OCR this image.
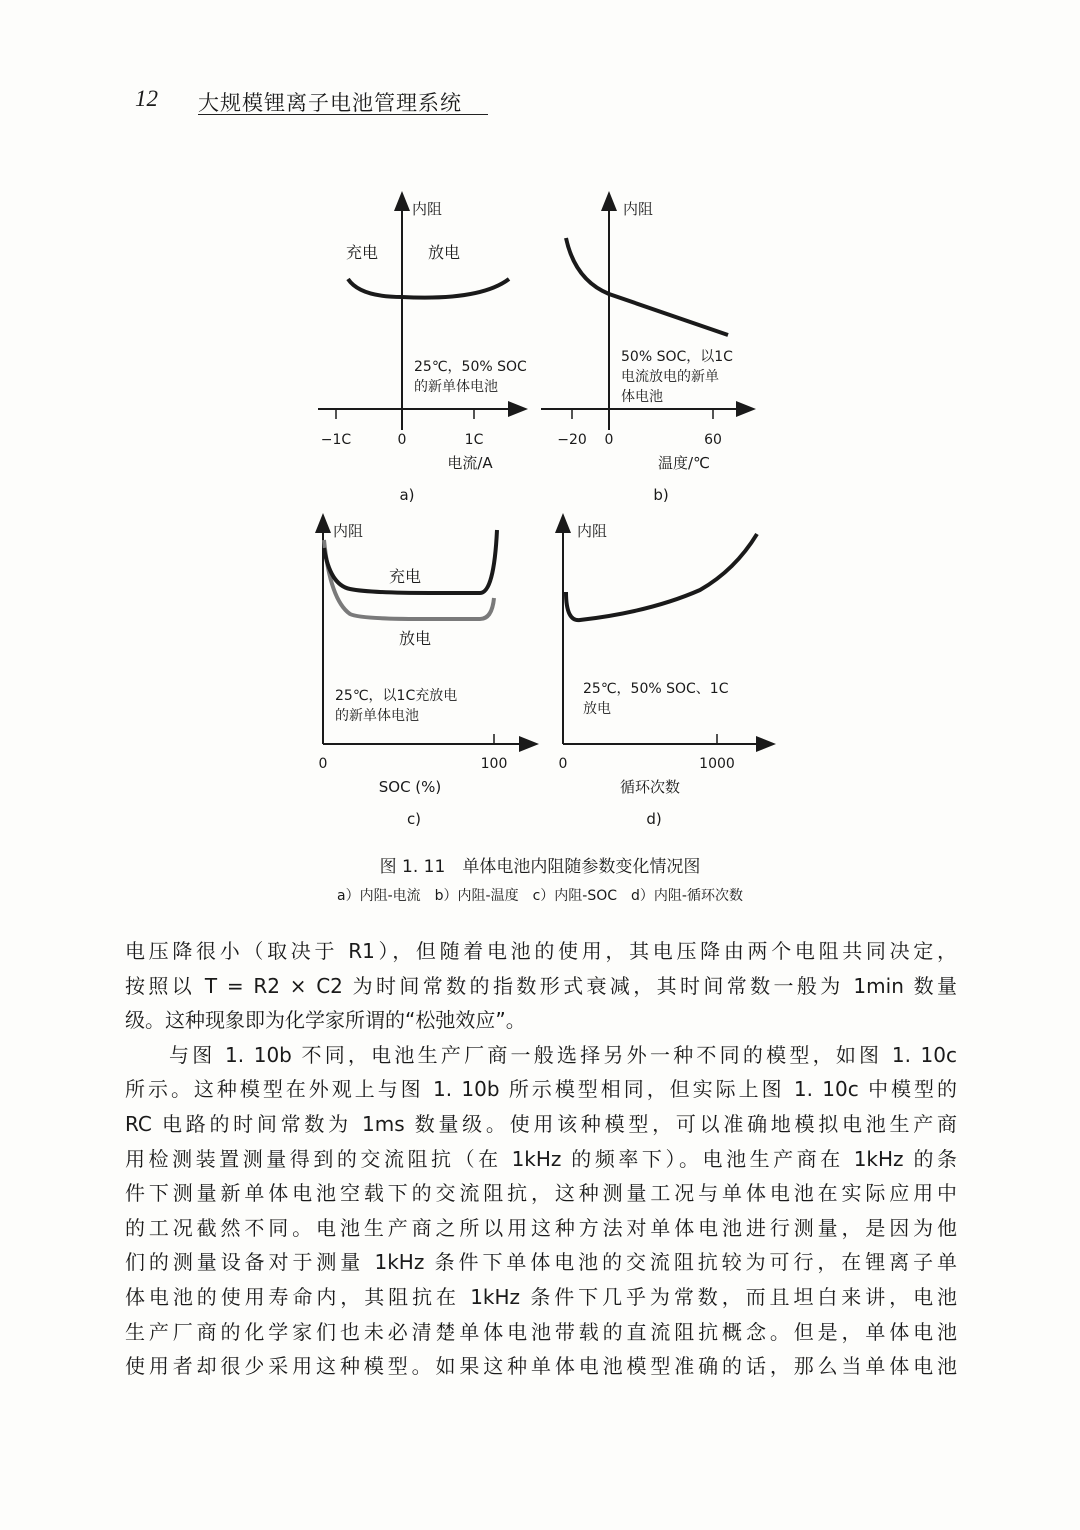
12 大规模锂离子电池管理系统
内阻
充电	放电
25℃，50% SOC
的新单体电池
−1C	0	1C
电流/A
a)
内阻
50% SOC，以1C
电流放电的新单
体电池
−20 0	60
温度/℃
b)
内阻
充电
放电
25℃，以1C充放电
的新单体电池
0	100
SOC (%)
c)
内阻
25℃，50% SOC、1C
放电
0	1000
循环次数
d)
图 1. 11　单体电池内阻随参数变化情况图
a）内阻-电流　b）内阻-温度　c）内阻-SOC　d）内阻-循环次数
电压降很小（取决于 R1），但随着电池的使用，其电压降由两个电阻共同决定，
按照以 T = R2 × C2 为时间常数的指数形式衰减，其时间常数一般为 1min 数量
级。这种现象即为化学家所谓的“松弛效应”。
与图 1. 10b 不同，电池生产厂商一般选择另外一种不同的模型，如图 1. 10c
所示。这种模型在外观上与图 1. 10b 所示模型相同，但实际上图 1. 10c 中模型的
RC 电路的时间常数为 1ms 数量级。使用该种模型，可以准确地模拟电池生产商
用检测装置测量得到的交流阻抗（在 1kHz 的频率下）。电池生产商在 1kHz 的条
件下测量新单体电池空载下的交流阻抗，这种测量工况与单体电池在实际应用中
的工况截然不同。电池生产商之所以用这种方法对单体电池进行测量，是因为他
们的测量设备对于测量 1kHz 条件下单体电池的交流阻抗较为可行，在锂离子单
体电池的使用寿命内，其阻抗在 1kHz 条件下几乎为常数，而且坦白来讲，电池
生产厂商的化学家们也未必清楚单体电池带载的直流阻抗概念。但是，单体电池
使用者却很少采用这种模型。如果这种单体电池模型准确的话，那么当单体电池
